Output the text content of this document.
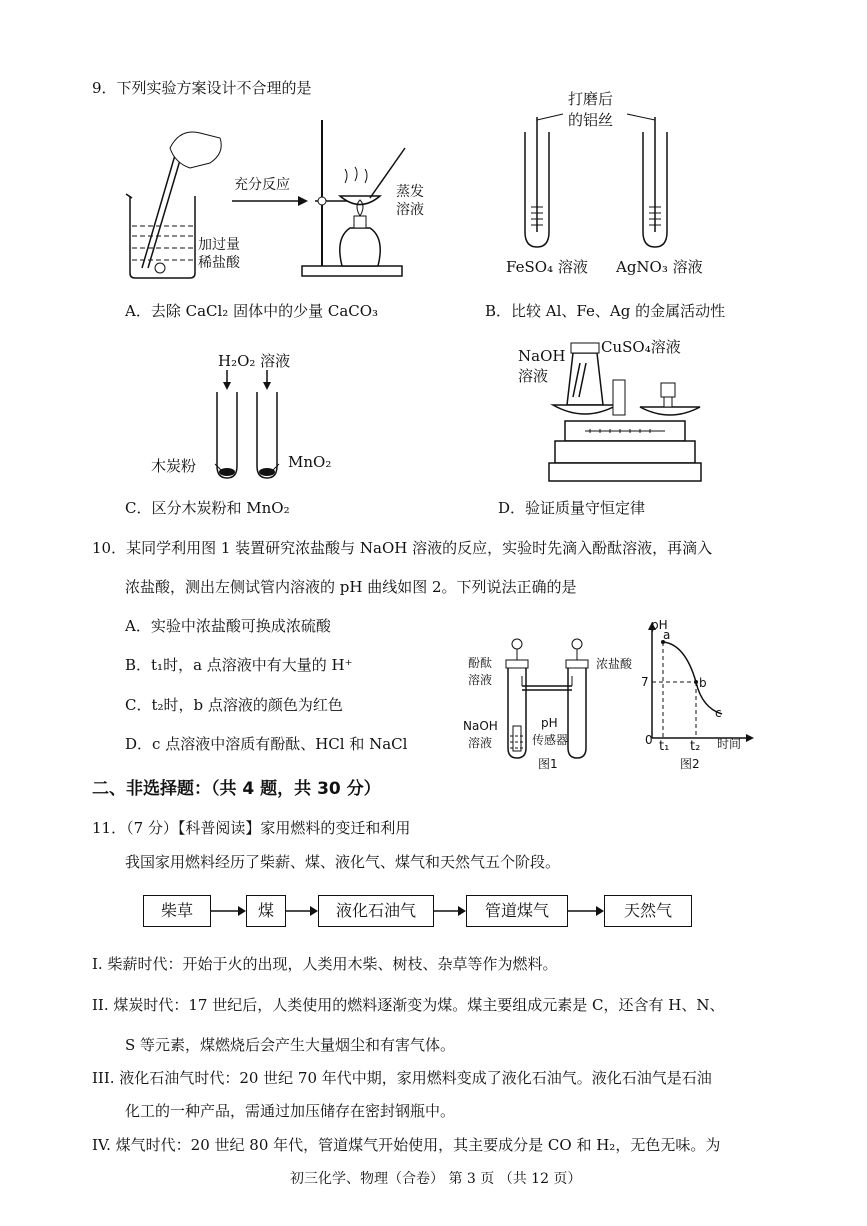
9．下列实验方案设计不合理的是
充分反应
加过量
稀盐酸
蒸发
溶液
打磨后
的铝丝
FeSO₄ 溶液 AgNO₃ 溶液
A．去除 CaCl₂ 固体中的少量 CaCO₃	B．比较 Al、Fe、Ag 的金属活动性
H₂O₂ 溶液
木炭粉	MnO₂
NaOH
溶液
CuSO₄溶液
C．区分木炭粉和 MnO₂	D．验证质量守恒定律
10．某同学利用图 1 装置研究浓盐酸与 NaOH 溶液的反应，实验时先滴入酚酞溶液，再滴入
浓盐酸，测出左侧试管内溶液的 pH 曲线如图 2。下列说法正确的是
A．实验中浓盐酸可换成浓硫酸
B．t₁时，a 点溶液中有大量的 H⁺
C．t₂时，b 点溶液的颜色为红色
D．c 点溶液中溶质有酚酞、HCl 和 NaCl
酚酞
溶液
浓盐酸
NaOH
溶液
pH
传感器
图1
pH
7
0
a
b
c
t₁ t₂ 时间
图2
二、非选择题：（共 4 题，共 30 分）
11．（7 分）【科普阅读】家用燃料的变迁和利用
我国家用燃料经历了柴薪、煤、液化气、煤气和天然气五个阶段。
柴草	煤	液化石油气	管道煤气	天然气
I. 柴薪时代：开始于火的出现，人类用木柴、树枝、杂草等作为燃料。
II. 煤炭时代：17 世纪后，人类使用的燃料逐渐变为煤。煤主要组成元素是 C，还含有 H、N、
S 等元素，煤燃烧后会产生大量烟尘和有害气体。
III. 液化石油气时代：20 世纪 70 年代中期，家用燃料变成了液化石油气。液化石油气是石油
化工的一种产品，需通过加压储存在密封钢瓶中。
IV. 煤气时代：20 世纪 80 年代，管道煤气开始使用，其主要成分是 CO 和 H₂，无色无味。为
初三化学、物理（合卷） 第 3 页 （共 12 页）
